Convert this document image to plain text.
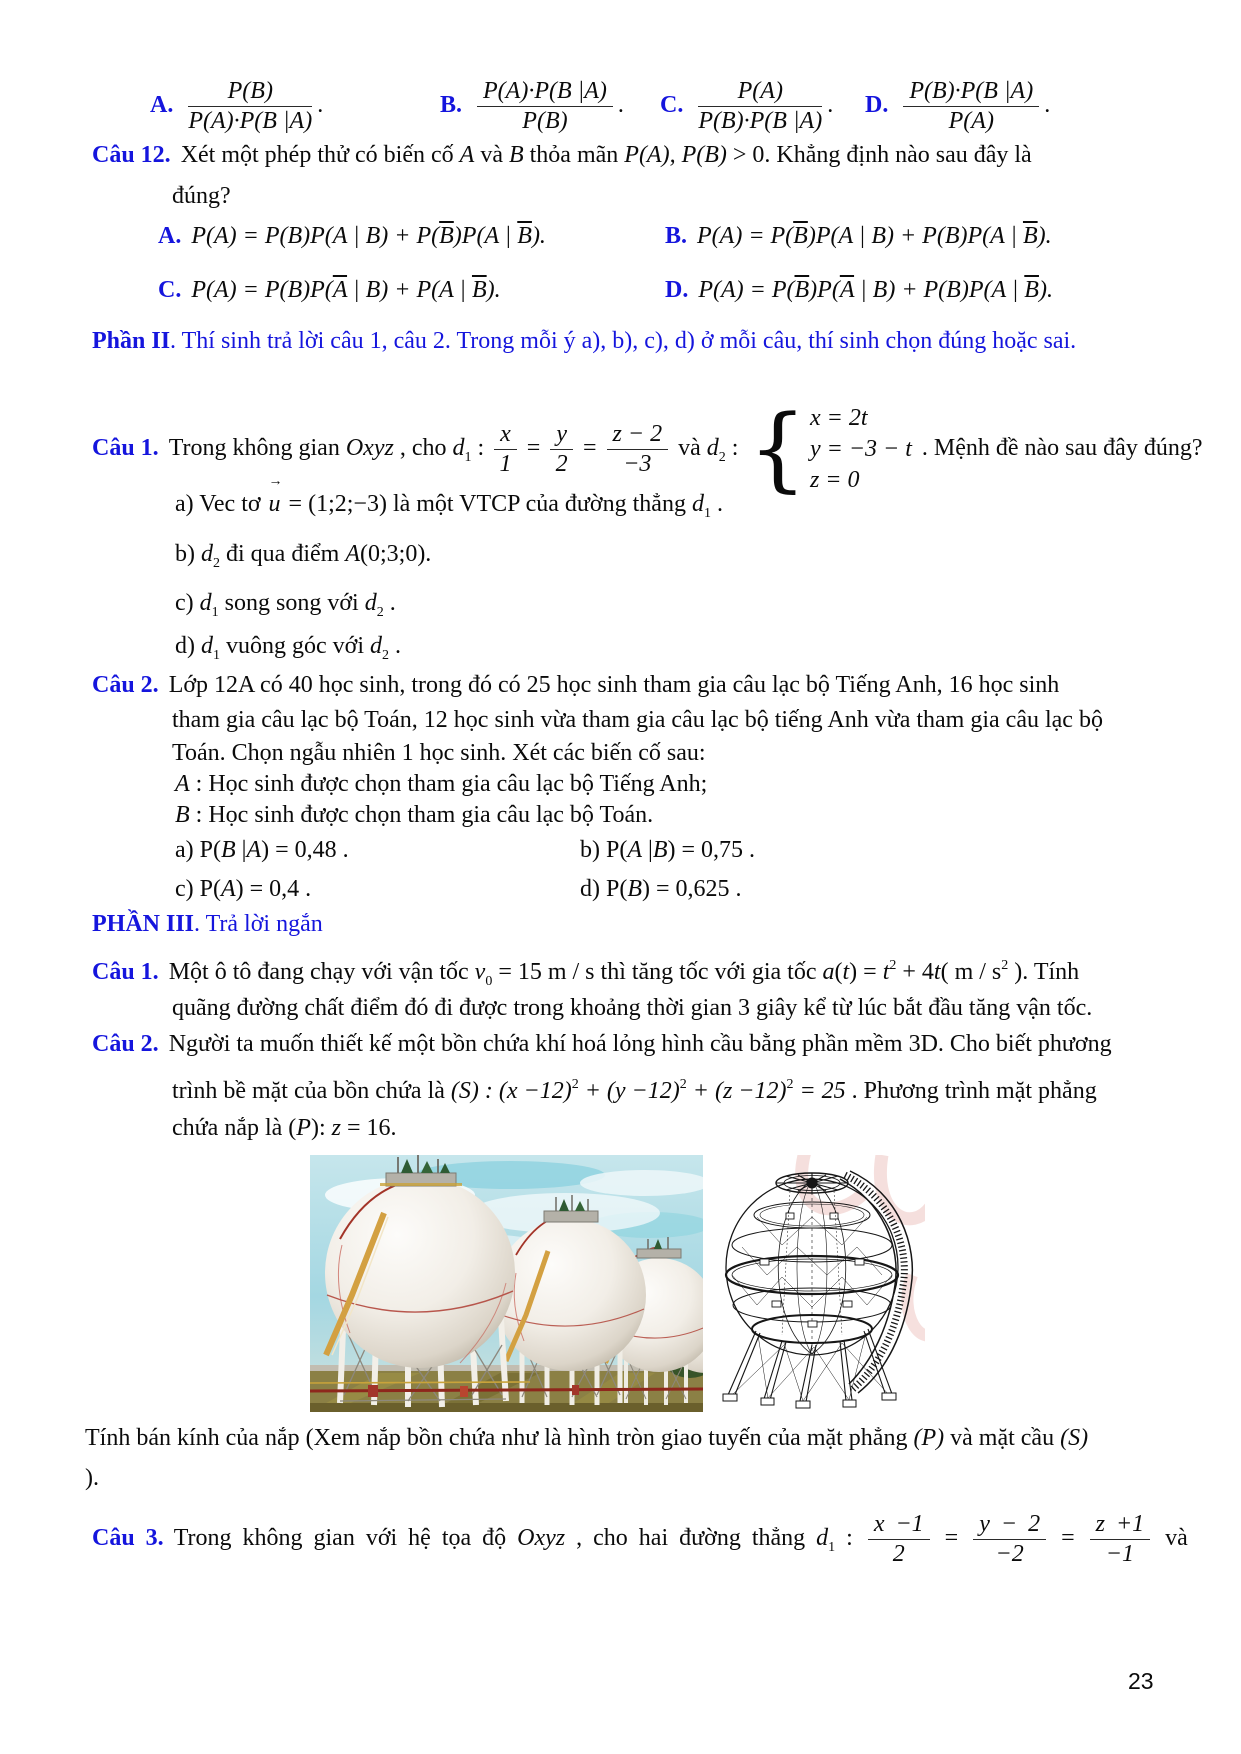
A. $\frac{P(B)}{P(A)\cdot P(B |A)}$ .	B. $\frac{P(A)\cdot P(B |A)}{P(B)}$ . C. $\frac{P(A)}{P(B)\cdot P(B |A)}$ . D. $\frac{P(B)\cdot P(B |A)}{P(A)}$ .
Câu 12. Xét một phép thử có biến cố A và B thỏa mãn P(A), P(B) > 0. Khẳng định nào sau đây là
đúng?
A. P(A) = P(B)P(A | $B) + P(\overline{B})P(A$ | $\overline{B}$).	B. $P(A) = P(\overline{B})P(A$ | B) + P(B)P(A | $\overline{B}$).
C. $P(A) = P(B)P(\overline{A}$ | B) + P(A | $\overline{B}$).	D. $P(A) = P(\overline{B})P(\overline{A}$ | B) + P(B)P(A | $\overline{B}$).
Phần II. Thí sinh trả lời câu 1, câu 2. Trong mỗi ý a), b), c), d) ở mỗi câu, thí sinh chọn đúng hoặc sai.
Câu 1. Trong không gian Oxyz , cho $d_1$ : $\frac{x}{1} = \frac{y}{2} = \frac{z - 2}{-3}$ và $d_2$ : { x = 2t
y = −3 − t
z = 0
. Mệnh đề nào sau đây đúng?
a) Vec tơ u
→
= (1;2;−3) là một VTCP của đường thẳng $d_1$ .
b) $d_2$ đi qua điểm A(0;3;0).
c) $d_1$ song song với $d_2$ .
d) $d_1$ vuông góc với $d_2$ .
Câu 2. Lớp 12A có 40 học sinh, trong đó có 25 học sinh tham gia câu lạc bộ Tiếng Anh, 16 học sinh
tham gia câu lạc bộ Toán, 12 học sinh vừa tham gia câu lạc bộ tiếng Anh vừa tham gia câu lạc bộ
Toán. Chọn ngẫu nhiên 1 học sinh. Xét các biến cố sau:
A : Học sinh được chọn tham gia câu lạc bộ Tiếng Anh;
B : Học sinh được chọn tham gia câu lạc bộ Toán.
a) P(B |A) = 0,48 .	b) P(A |B) = 0,75 .
c) P(A) = 0,4 .	d) P(B) = 0,625 .
PHẦN III. Trả lời ngắn
Câu 1. Một ô tô đang chạy với vận tốc $v_0 = 15$ m / s thì tăng tốc với gia tốc $a(t) = t^2 + 4t$( m / $s^2$ ). Tính
quãng đường chất điểm đó đi được trong khoảng thời gian 3 giây kể từ lúc bắt đầu tăng vận tốc.
Câu 2. Người ta muốn thiết kế một bồn chứa khí hoá lỏng hình cầu bằng phần mềm 3D. Cho biết phương
trình bề mặt của bồn chứa là (S) : $(x -12)^2 + (y -12)^2 + (z -12)^2 = 25$ . Phương trình mặt phẳng
chứa nắp là (P): z = 16.
Tính bán kính của nắp (Xem nắp bồn chứa như là hình tròn giao tuyến của mặt phẳng (P) và mặt cầu (S)
).
Câu 3. Trong không gian với hệ tọa độ Oxyz , cho hai đường thẳng $d_1$ : $\frac{x -1}{2} = \frac{y - 2}{-2} = \frac{z +1}{-1}$ và
23
